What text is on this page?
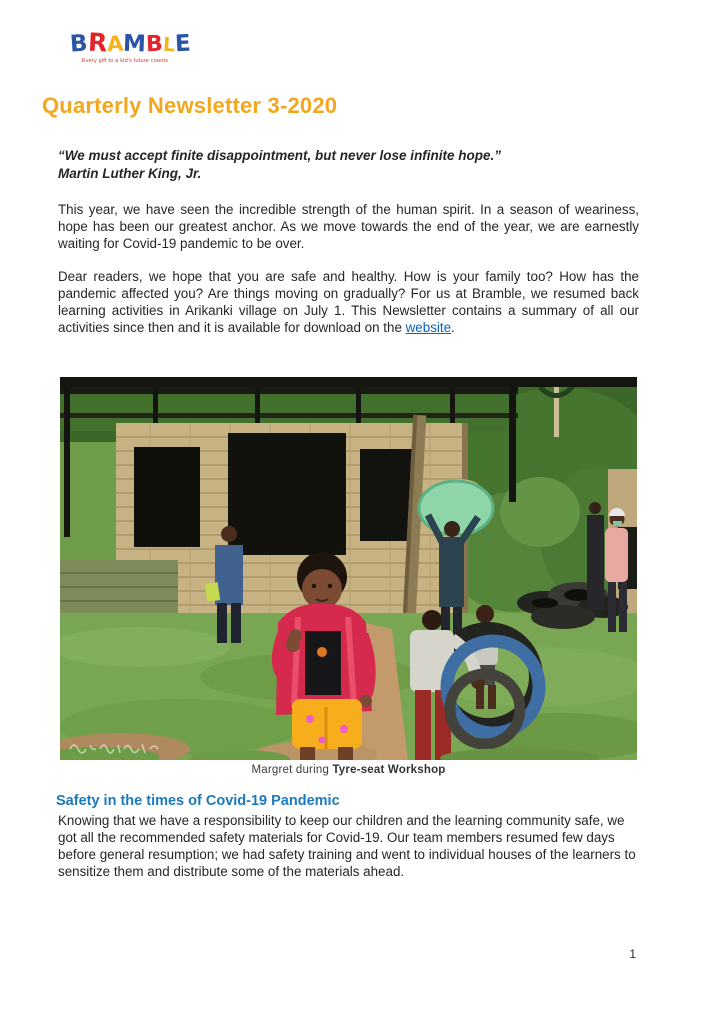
BRAMBLE
Every gift to a kid's future counts
Quarterly Newsletter 3-2020
“We must accept finite disappointment, but never lose infinite hope.”
Martin Luther King, Jr.

This year, we have seen the incredible strength of the human spirit. In a season of weariness, hope has been our greatest anchor. As we move towards the end of the year, we are earnestly waiting for Covid-19 pandemic to be over.

Dear readers, we hope that you are safe and healthy. How is your family too? How has the pandemic affected you? Are things moving on gradually? For us at Bramble, we resumed back learning activities in Arikanki village on July 1. This Newsletter contains a summary of all our activities since then and it is available for download on the website.

Margret during Tyre-seat Workshop
Safety in the times of Covid-19 Pandemic

Knowing that we have a responsibility to keep our children and the learning community safe, we got all the recommended safety materials for Covid-19. Our team members resumed few days before general resumption; we had safety training and went to individual houses of the learners to sensitize them and distribute some of the materials ahead.

1
